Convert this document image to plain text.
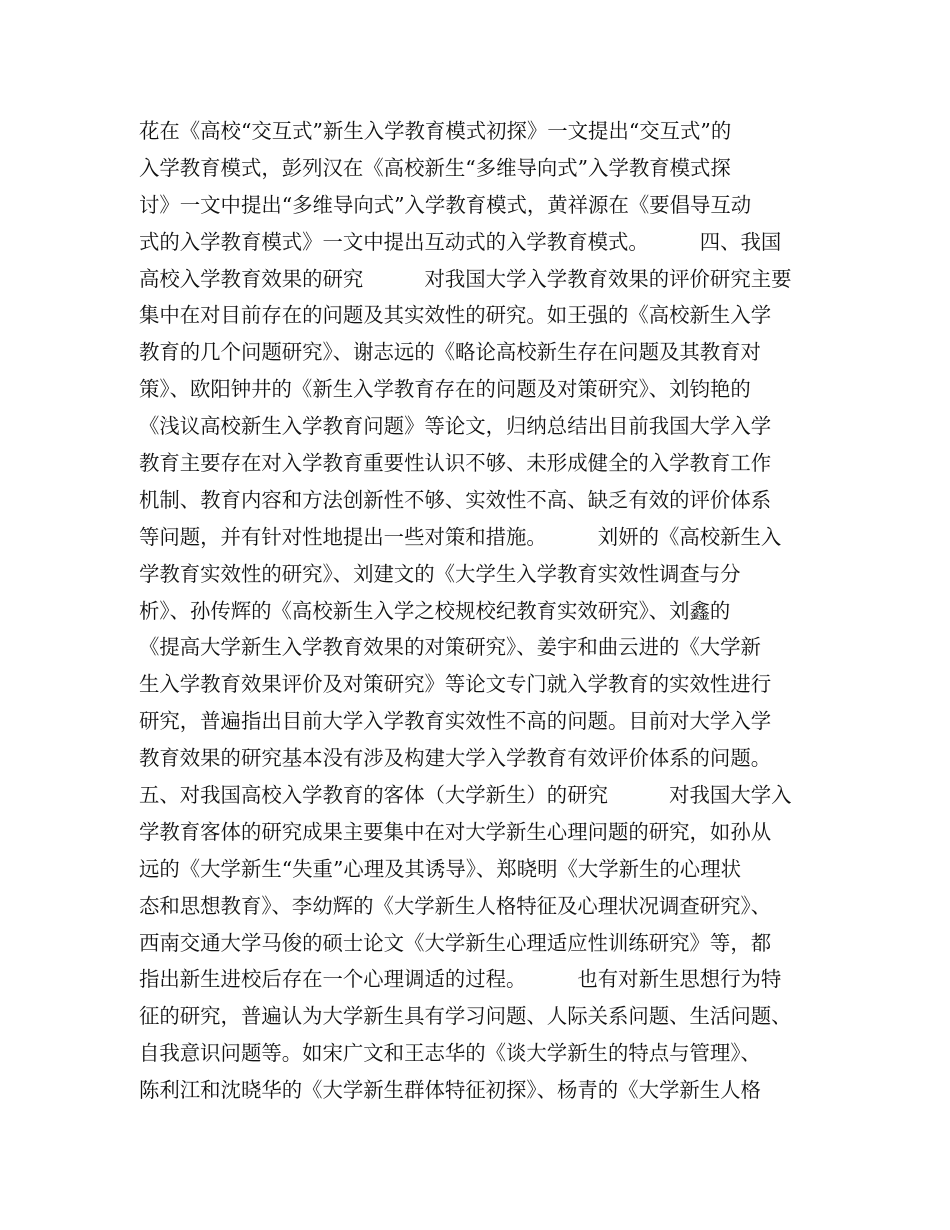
花在《高校“交互式”新生入学教育模式初探》一文提出“交互式”的
入学教育模式，彭列汉在《高校新生“多维导向式”入学教育模式探
讨》一文中提出“多维导向式”入学教育模式，黄祥源在《要倡导互动
式的入学教育模式》一文中提出互动式的入学教育模式。　　　四、我国
高校入学教育效果的研究　　　对我国大学入学教育效果的评价研究主要
集中在对目前存在的问题及其实效性的研究。如王强的《高校新生入学
教育的几个问题研究》、谢志远的《略论高校新生存在问题及其教育对
策》、欧阳钟井的《新生入学教育存在的问题及对策研究》、刘钧艳的
《浅议高校新生入学教育问题》等论文，归纳总结出目前我国大学入学
教育主要存在对入学教育重要性认识不够、未形成健全的入学教育工作
机制、教育内容和方法创新性不够、实效性不高、缺乏有效的评价体系
等问题，并有针对性地提出一些对策和措施。　　　刘妍的《高校新生入
学教育实效性的研究》、刘建文的《大学生入学教育实效性调查与分
析》、孙传辉的《高校新生入学之校规校纪教育实效研究》、刘鑫的
《提高大学新生入学教育效果的对策研究》、姜宇和曲云进的《大学新
生入学教育效果评价及对策研究》等论文专门就入学教育的实效性进行
研究，普遍指出目前大学入学教育实效性不高的问题。目前对大学入学
教育效果的研究基本没有涉及构建大学入学教育有效评价体系的问题。
五、对我国高校入学教育的客体（大学新生）的研究　　　对我国大学入
学教育客体的研究成果主要集中在对大学新生心理问题的研究，如孙从
远的《大学新生“失重”心理及其诱导》、郑晓明《大学新生的心理状
态和思想教育》、李幼辉的《大学新生人格特征及心理状况调查研究》、
西南交通大学马俊的硕士论文《大学新生心理适应性训练研究》等，都
指出新生进校后存在一个心理调适的过程。　　　也有对新生思想行为特
征的研究，普遍认为大学新生具有学习问题、人际关系问题、生活问题、
自我意识问题等。如宋广文和王志华的《谈大学新生的特点与管理》、
陈利江和沈晓华的《大学新生群体特征初探》、杨青的《大学新生人格
